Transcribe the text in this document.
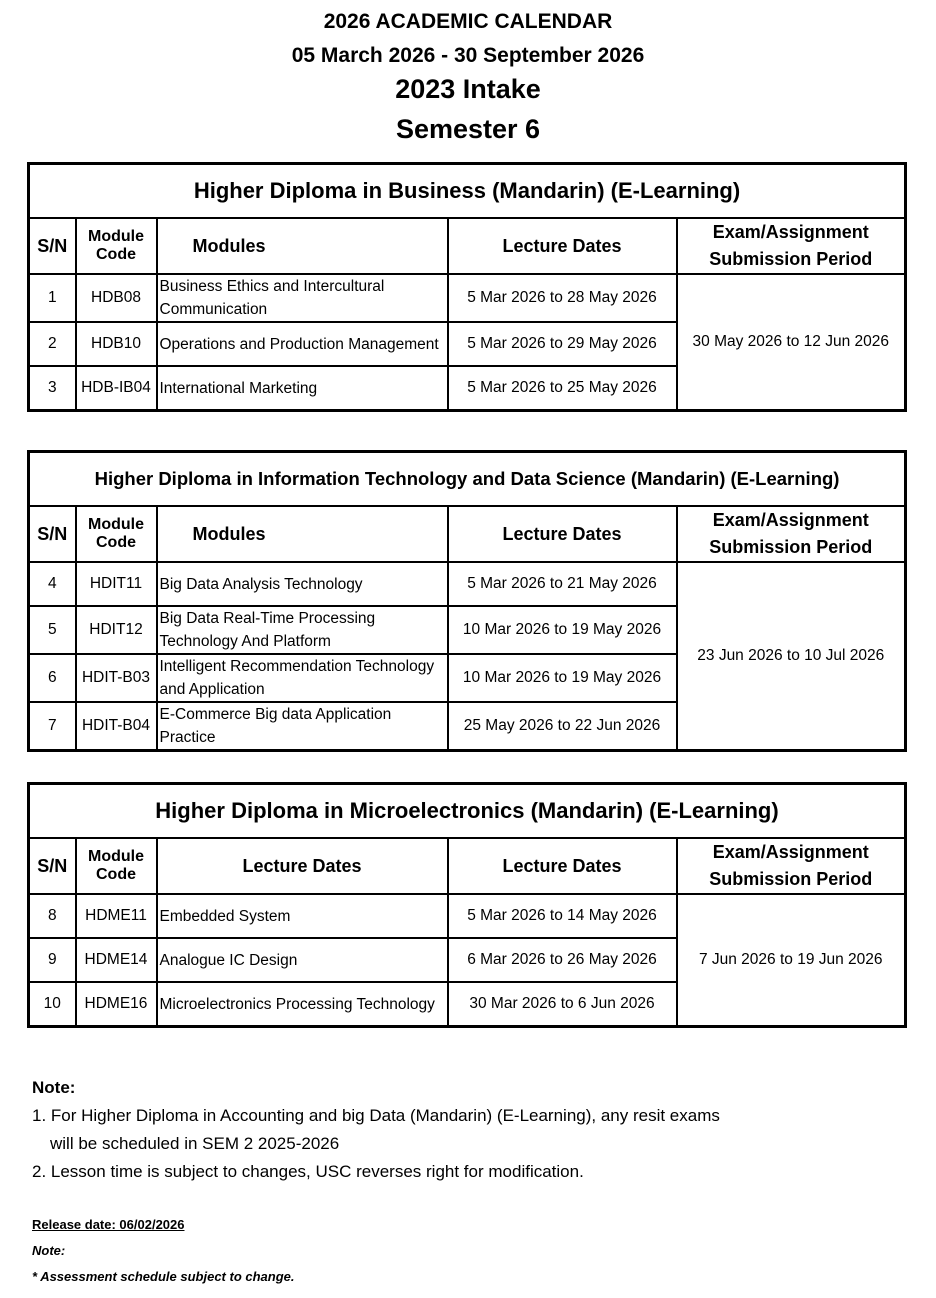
2026 ACADEMIC CALENDAR
05 March 2026 - 30 September 2026
2023 Intake
Semester 6
Higher Diploma in Business (Mandarin) (E-Learning)				
S/N	Module Code	Modules	Lecture Dates	Exam/Assignment Submission Period
1	HDB08	Business Ethics and Intercultural Communication	5 Mar 2026 to 28 May 2026	30 May 2026 to 12 Jun 2026
2	HDB10	Operations and Production Management	5 Mar 2026 to 29 May 2026	
3	HDB-IB04	International Marketing	5 Mar 2026 to 25 May 2026	
Higher Diploma in Information Technology and Data Science (Mandarin) (E-Learning)				
S/N	Module Code	Modules	Lecture Dates	Exam/Assignment Submission Period
4	HDIT11	Big Data Analysis Technology	5 Mar 2026 to 21 May 2026	23 Jun 2026 to 10 Jul 2026
5	HDIT12	Big Data Real-Time Processing Technology And Platform	10 Mar 2026 to 19 May 2026	
6	HDIT-B03	Intelligent Recommendation Technology and Application	10 Mar 2026 to 19 May 2026	
7	HDIT-B04	E-Commerce Big data Application Practice	25 May 2026 to 22 Jun 2026	
Higher Diploma in Microelectronics (Mandarin) (E-Learning)				
S/N	Module Code	Lecture Dates	Lecture Dates	Exam/Assignment Submission Period
8	HDME11	Embedded System	5 Mar 2026 to 14 May 2026	7 Jun 2026 to 19 Jun 2026
9	HDME14	Analogue IC Design	6 Mar 2026 to 26 May 2026	
10	HDME16	Microelectronics Processing Technology	30 Mar 2026 to 6 Jun 2026	
Note:
1. For Higher Diploma in Accounting and big Data (Mandarin) (E-Learning), any resit exams
will be scheduled in SEM 2 2025-2026
2. Lesson time is subject to changes, USC reverses right for modification.
Release date: 06/02/2026
Note:
* Assessment schedule subject to change.
